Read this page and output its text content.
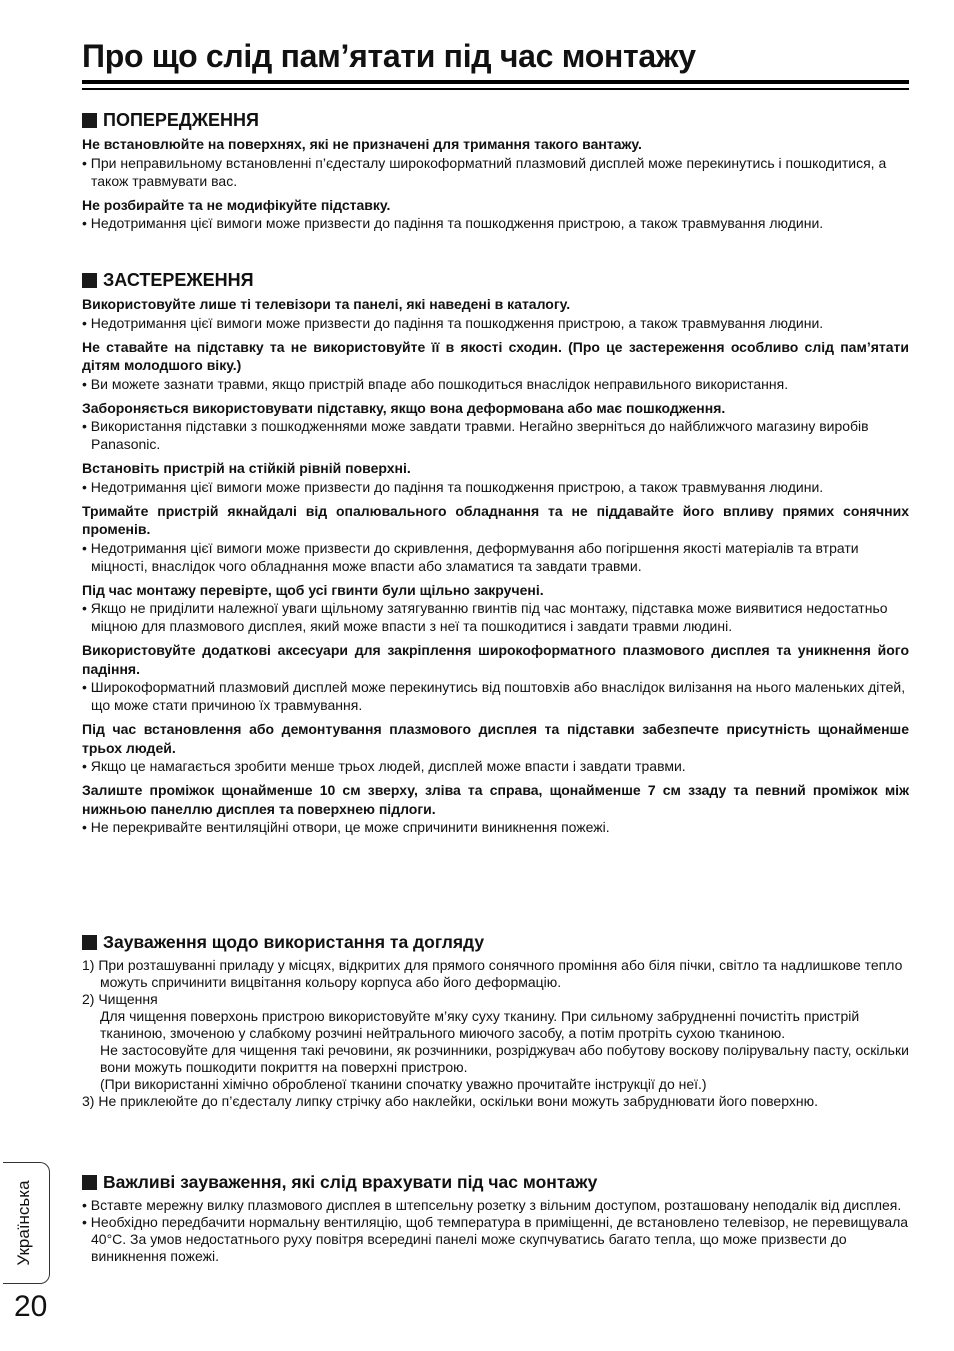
Про що слід пам’ятати під час монтажу
ПОПЕРЕДЖЕННЯ

Не встановлюйте на поверхнях, які не призначені для тримання такого вантажу.

• При неправильному встановленні п’єдесталу широкоформатний плазмовий дисплей може перекинутись і пошкодитися, а також травмувати вас.

Не розбирайте та не модифікуйте підставку.

• Недотримання цієї вимоги може призвести до падіння та пошкодження пристрою, а також травмування людини.

ЗАСТЕРЕЖЕННЯ

Використовуйте лише ті телевізори та панелі, які наведені в каталогу.

• Недотримання цієї вимоги може призвести до падіння та пошкодження пристрою, а також травмування людини.

Не ставайте на підставку та не використовуйте її в якості сходин. (Про це застереження особливо слід пам’ятати дітям молодшого віку.)

• Ви можете зазнати травми, якщо пристрій впаде або пошкодиться внаслідок неправильного використання.

Забороняється використовувати підставку, якщо вона деформована або має пошкодження.

• Використання підставки з пошкодженнями може завдати травми. Негайно зверніться до найближчого магазину виробів Panasonic.

Встановіть пристрій на стійкій рівній поверхні.

• Недотримання цієї вимоги може призвести до падіння та пошкодження пристрою, а також травмування людини.

Тримайте пристрій якнайдалі від опалювального обладнання та не піддавайте його впливу прямих сонячних променів.

• Недотримання цієї вимоги може призвести до скривлення, деформування або погіршення якості матеріалів та втрати міцності, внаслідок чого обладнання може впасти або зламатися та завдати травми.

Під час монтажу перевірте, щоб усі гвинти були щільно закручені.

• Якщо не приділити належної уваги щільному затягуванню гвинтів під час монтажу, підставка може виявитися недостатньо міцною для плазмового дисплея, який може впасти з неї та пошкодитися і завдати травми людині.

Використовуйте додаткові аксесуари для закріплення широкоформатного плазмового дисплея та уникнення його падіння.

• Широкоформатний плазмовий дисплей може перекинутись від поштовхів або внаслідок вилізання на нього маленьких дітей, що може стати причиною їх травмування.

Під час встановлення або демонтування плазмового дисплея та підставки забезпечте присутність щонайменше трьох людей.

• Якщо це намагається зробити менше трьох людей, дисплей може впасти і завдати травми.

Залиште проміжок щонайменше 10 см зверху, зліва та справа, щонайменше 7 см ззаду та певний проміжок між нижньою панеллю дисплея та поверхнею підлоги.

• Не перекривайте вентиляційні отвори, це може спричинити виникнення пожежі.

Зауваження щодо використання та догляду

1) При розташуванні приладу у місцях, відкритих для прямого сонячного проміння або біля пічки, світло та надлишкове тепло можуть спричинити вицвітання кольору корпуса або його деформацію.

2) Чищення

Для чищення поверхонь пристрою використовуйте м’яку суху тканину. При сильному забрудненні почистіть пристрій тканиною, змоченою у слабкому розчині нейтрального миючого засобу, а потім протріть сухою тканиною.

Не застосовуйте для чищення такі речовини, як розчинники, розріджувач або побутову воскову полірувальну пасту, оскільки вони можуть пошкодити покриття на поверхні пристрою.

(При використанні хімічно обробленої тканини спочатку уважно прочитайте інструкції до неї.)

3) Не приклеюйте до п’єдесталу липку стрічку або наклейки, оскільки вони можуть забруднювати його поверхню.

Важливі зауваження, які слід врахувати під час монтажу

• Вставте мережну вилку плазмового дисплея в штепсельну розетку з вільним доступом, розташовану неподалік від дисплея.

• Необхідно передбачити нормальну вентиляцію, щоб температура в приміщенні, де встановлено телевізор, не перевищувала 40°C. За умов недостатнього руху повітря всередині панелі може скупчуватись багато тепла, що може призвести до виникнення пожежі.

Українська
20
